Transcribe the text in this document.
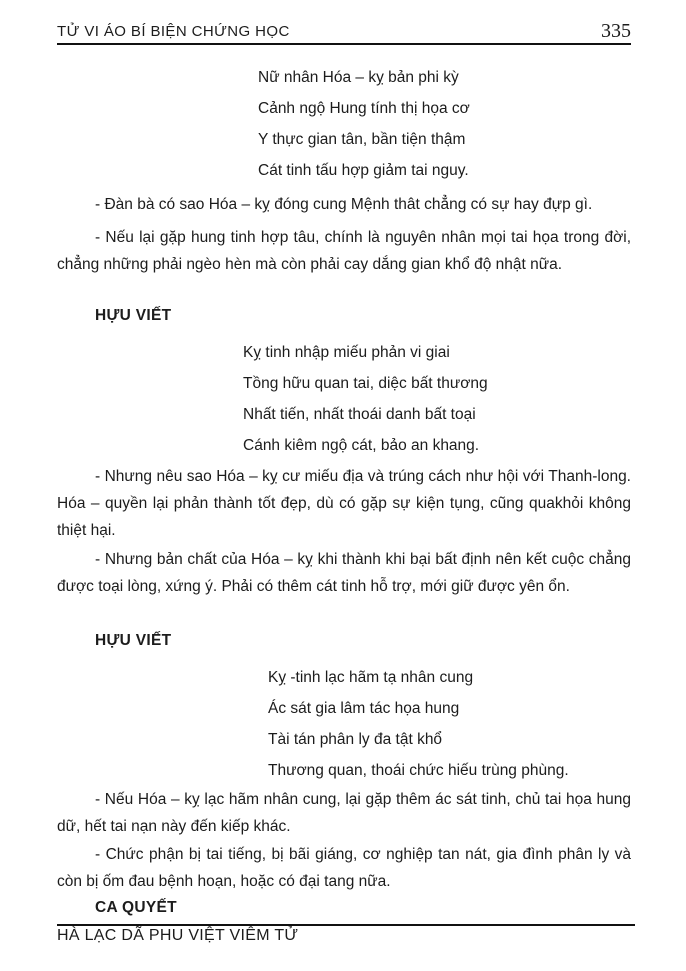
TỬ VI ÁO BÍ BIỆN CHỨNG HỌC	335
Nữ nhân Hóa – kỵ bản phi kỳ
Cảnh ngộ Hung tính thị họa cơ
Y thực gian tân, bần tiện thậm
Cát tinh tấu hợp giảm tai nguy.

- Đàn bà có sao Hóa – kỵ đóng cung Mệnh thât chẳng có sự hay đựp gì.

- Nếu lại gặp hung tinh hợp tâu, chính là nguyên nhân mọi tai họa trong đời, chẳng những phải ngèo hèn mà còn phải cay dắng gian khổ độ nhật nữa.

HỰU VIẾT
Kỵ tinh nhập miếu phản vi giai
Tồng hữu quan tai, diệc bất thương
Nhất tiến, nhất thoái danh bất toại
Cánh kiêm ngộ cát, bảo an khang.

- Nhưng nêu sao Hóa – kỵ cư miếu địa và trúng cách như hội với Thanh-long. Hóa – quyền lại phản thành tốt đẹp, dù có gặp sự kiện tụng, cũng quakhỏi không thiệt hại.

- Nhưng bản chất của Hóa – kỵ khi thành khi bại bất định nên kết cuộc chẳng được toại lòng, xứng ý. Phải có thêm cát tinh hỗ trợ, mới giữ được yên ổn.

HỰU VIẾT
Kỵ -tinh lạc hãm tạ nhân cung
Ác sát gia lâm tác họa hung
Tài tán phân ly đa tật khổ
Thương quan, thoái chức hiếu trùng phùng.

- Nếu Hóa – kỵ lạc hãm nhân cung, lại gặp thêm ác sát tinh, chủ tai họa hung dữ, hết tai nạn này đến kiếp khác.

- Chức phận bị tai tiếng, bị bãi giáng, cơ nghiệp tan nát, gia đình phân ly và còn bị ốm đau bệnh hoạn, hoặc có đại tang nữa.

CA QUYẾT
HÀ LẠC DÃ PHU VIỆT VIÊM TỬ
